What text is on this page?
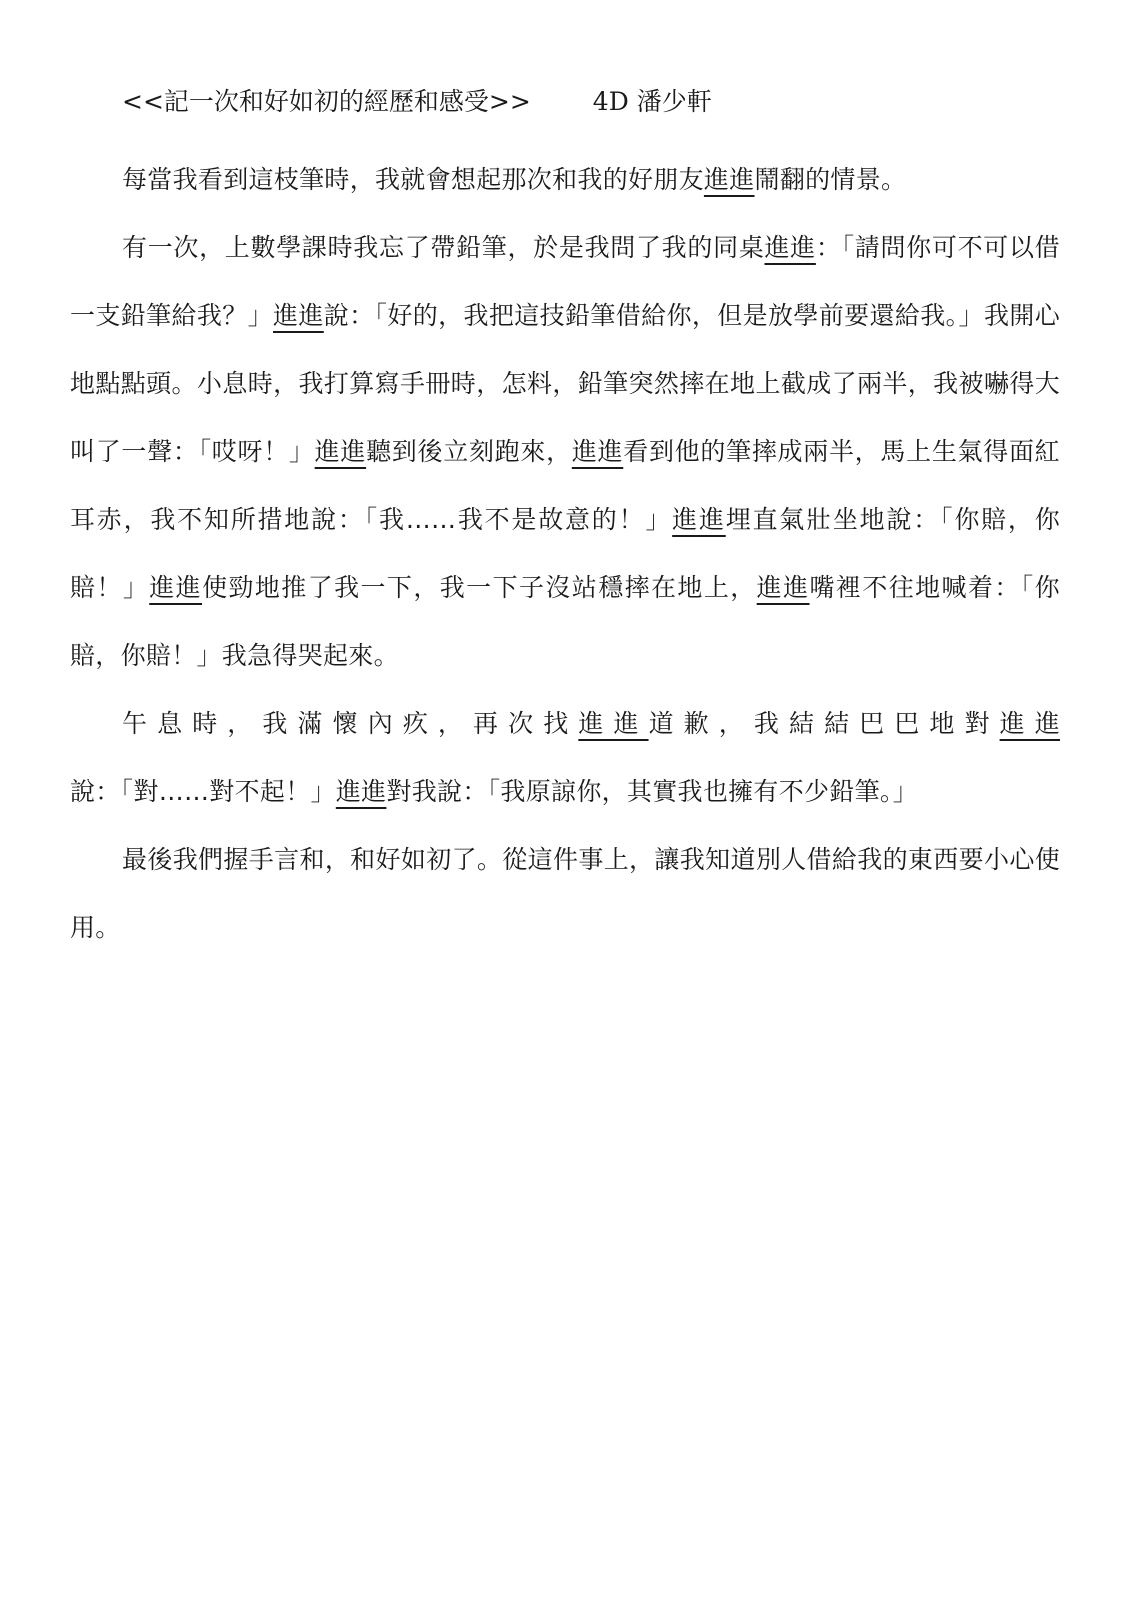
<<記一次和好如初的經歷和感受>> 4D 潘少軒

每當我看到這枝筆時，我就會想起那次和我的好朋友進進鬧翻的情景。

有一次，上數學課時我忘了帶鉛筆，於是我問了我的同桌進進：「請問你可不可以借一支鉛筆給我？」進進說：「好的，我把這技鉛筆借給你，但是放學前要還給我。」我開心地點點頭。小息時，我打算寫手冊時，怎料，鉛筆突然摔在地上截成了兩半，我被嚇得大叫了一聲：「哎呀！」進進聽到後立刻跑來，進進看到他的筆摔成兩半，馬上生氣得面紅耳赤，我不知所措地說：「我……我不是故意的！」進進埋直氣壯坐地說：「你賠，你賠！」進進使勁地推了我一下，我一下子沒站穩摔在地上，進進嘴裡不往地喊着：「你賠，你賠！」我急得哭起來。

午息時，我滿懷內疚，再次找進進道歉，我結結巴巴地對進進說：「對……對不起！」進進對我說：「我原諒你，其實我也擁有不少鉛筆。」

最後我們握手言和，和好如初了。從這件事上，讓我知道別人借給我的東西要小心使用。
